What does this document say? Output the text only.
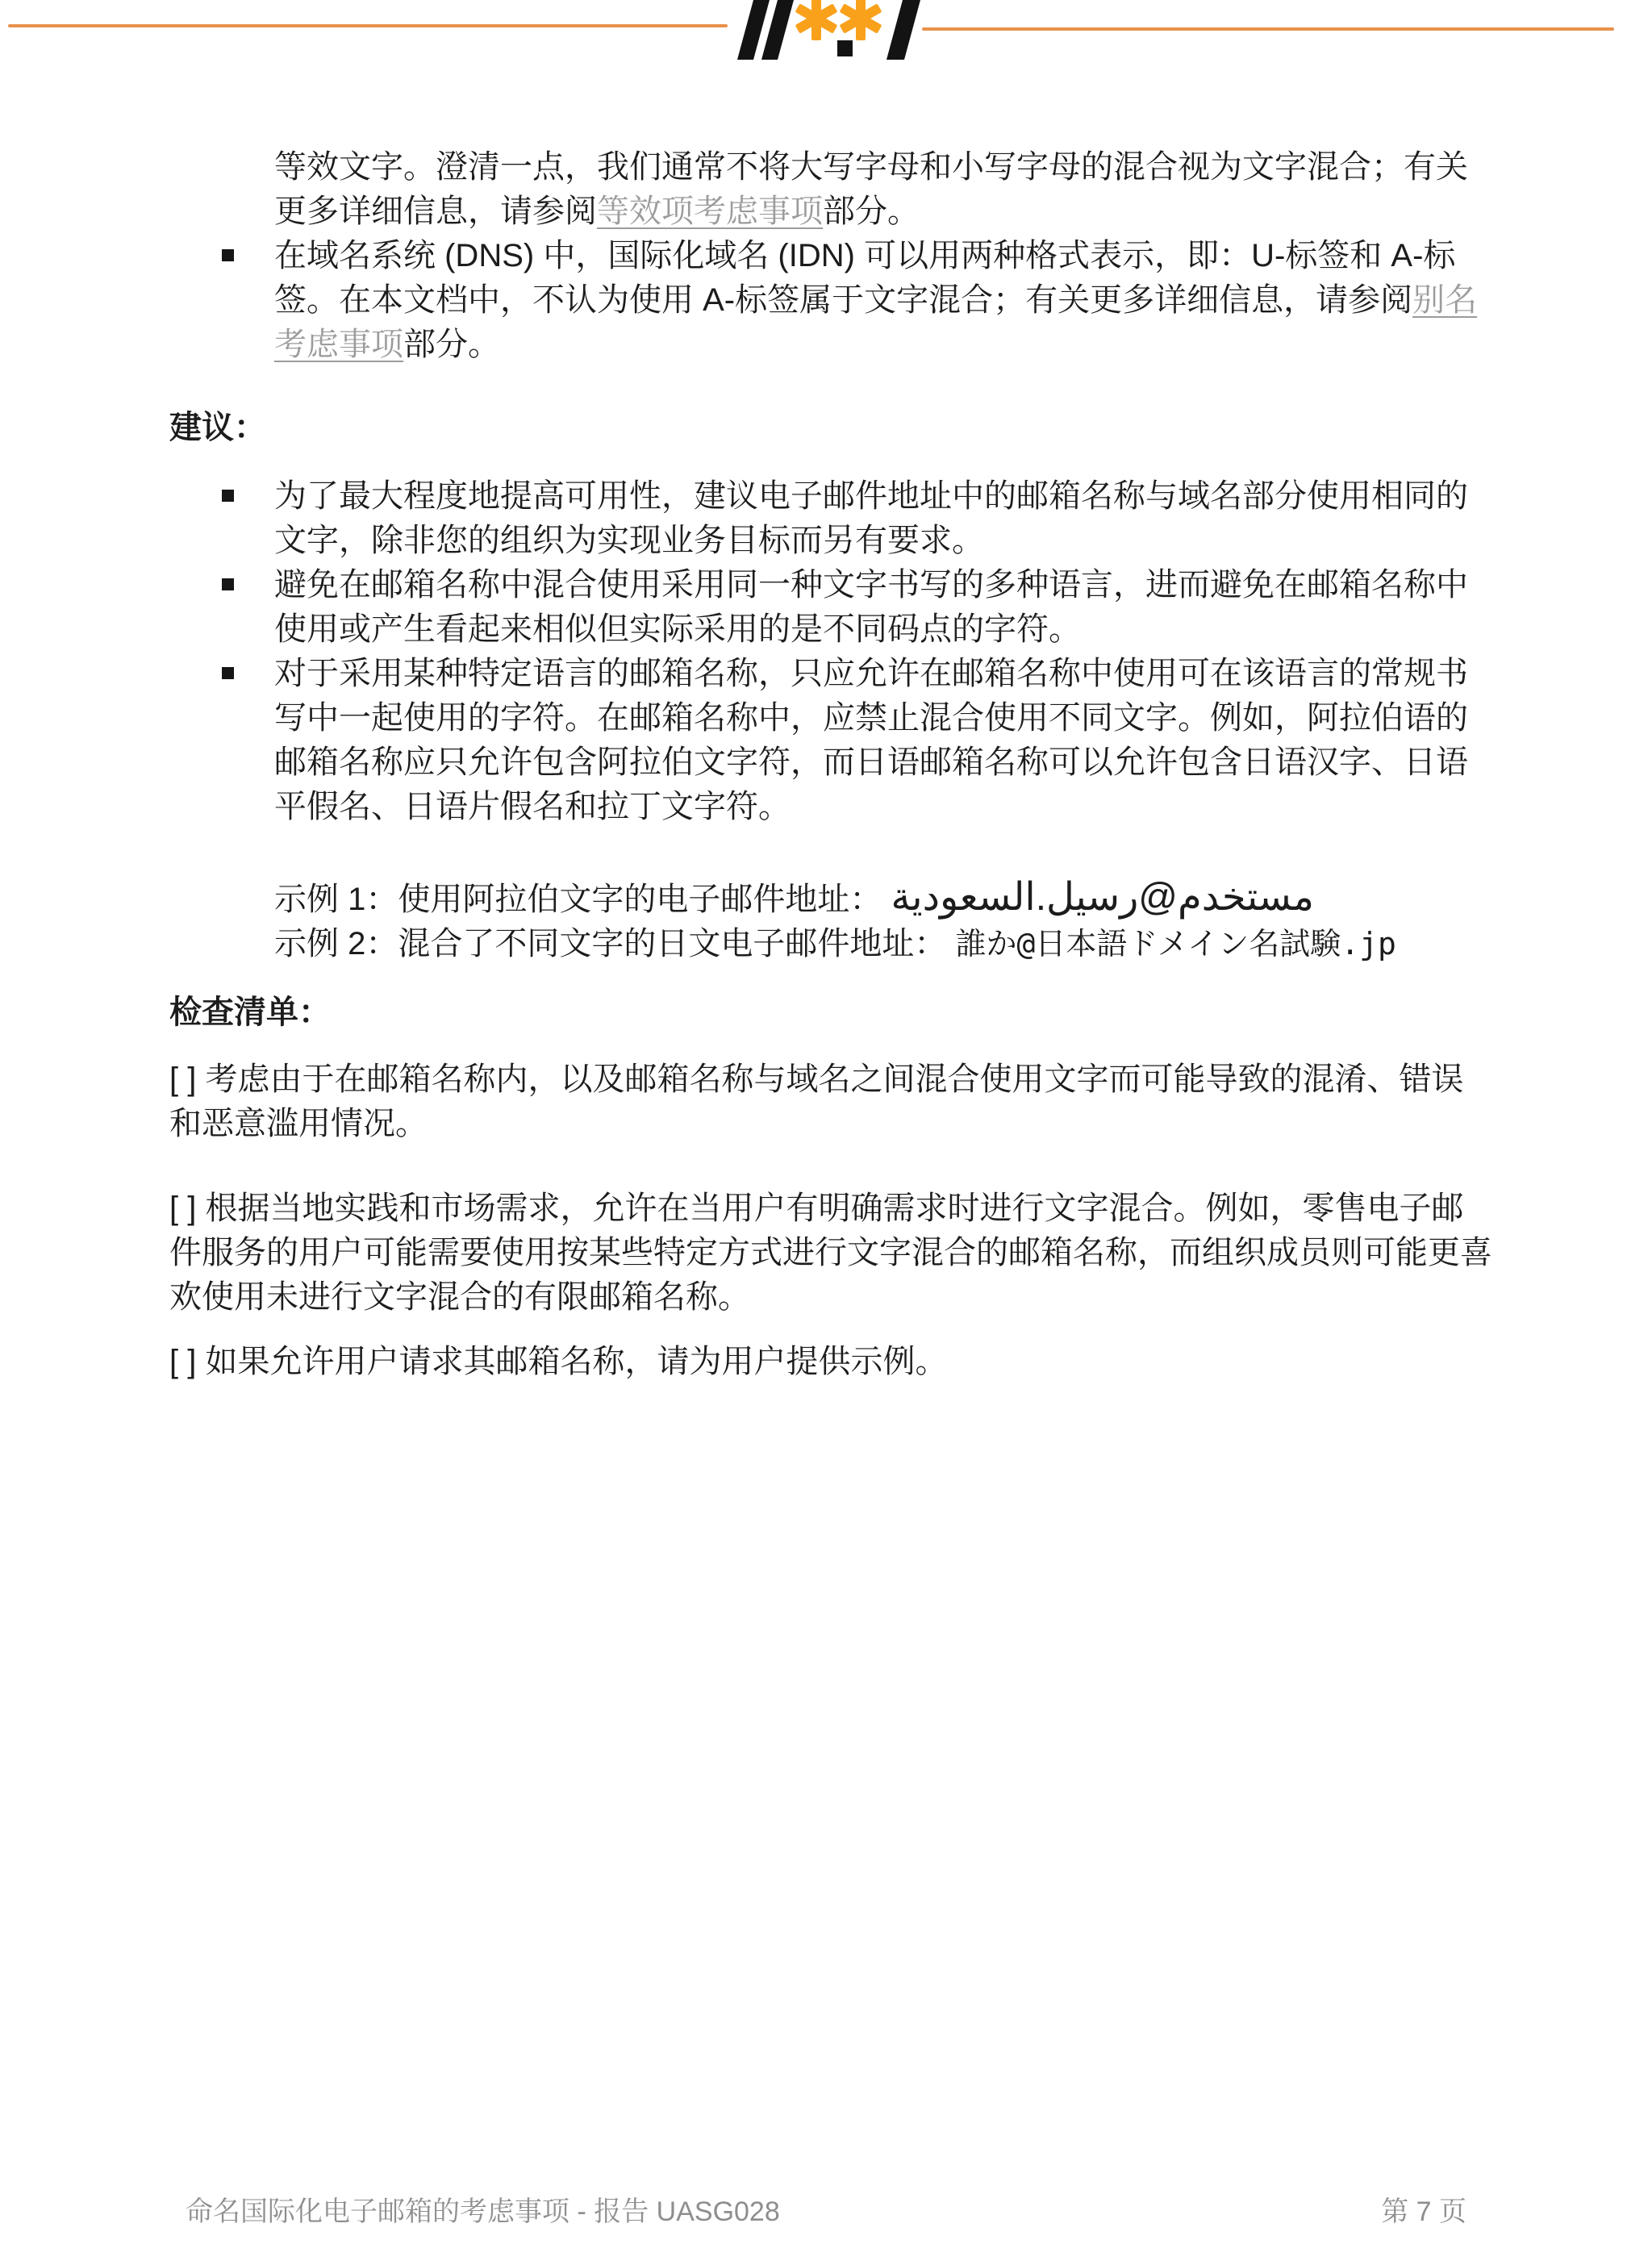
等效文字。澄清一点，我们通常不将大写字母和小写字母的混合视为文字混合；有关
更多详细信息，请参阅等效项考虑事项部分。
在域名系统 (DNS) 中，国际化域名 (IDN) 可以用两种格式表示，即：U-标签和 A-标
签。在本文档中，不认为使用 A-标签属于文字混合；有关更多详细信息，请参阅别名
考虑事项部分。
建议：
为了最大程度地提高可用性，建议电子邮件地址中的邮箱名称与域名部分使用相同的
文字，除非您的组织为实现业务目标而另有要求。
避免在邮箱名称中混合使用采用同一种文字书写的多种语言，进而避免在邮箱名称中
使用或产生看起来相似但实际采用的是不同码点的字符。
对于采用某种特定语言的邮箱名称，只应允许在邮箱名称中使用可在该语言的常规书
写中一起使用的字符。在邮箱名称中，应禁止混合使用不同文字。例如，阿拉伯语的
邮箱名称应只允许包含阿拉伯文字符，而日语邮箱名称可以允许包含日语汉字、日语
平假名、日语片假名和拉丁文字符。
示例 1：使用阿拉伯文字的电子邮件地址： مستخدم@رسيل.السعودية
示例 2：混合了不同文字的日文电子邮件地址： 誰か@日本語ドメイン名試験.jp
检查清单：
[ ] 考虑由于在邮箱名称内，以及邮箱名称与域名之间混合使用文字而可能导致的混淆、错误
和恶意滥用情况。
[ ] 根据当地实践和市场需求，允许在当用户有明确需求时进行文字混合。例如，零售电子邮
件服务的用户可能需要使用按某些特定方式进行文字混合的邮箱名称，而组织成员则可能更喜
欢使用未进行文字混合的有限邮箱名称。
[ ] 如果允许用户请求其邮箱名称，请为用户提供示例。
命名国际化电子邮箱的考虑事项 - 报告 UASG028	第 7 页
